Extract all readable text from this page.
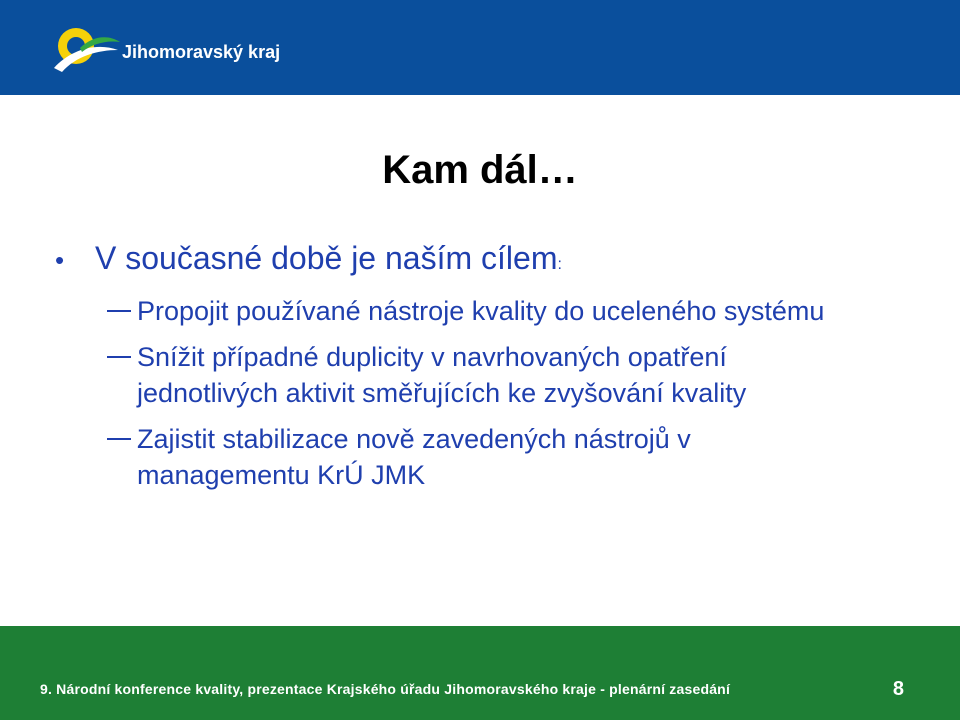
Jihomoravský kraj
Kam dál…
• V současné době je naším cílem:
Propojit používané nástroje kvality do uceleného systému
Snížit případné duplicity v navrhovaných opatření jednotlivých aktivit směřujících ke zvyšování kvality
Zajistit stabilizace nově zavedených nástrojů v managementu KrÚ JMK
9. Národní konference kvality, prezentace Krajského úřadu Jihomoravského kraje - plenární zasedání	8
